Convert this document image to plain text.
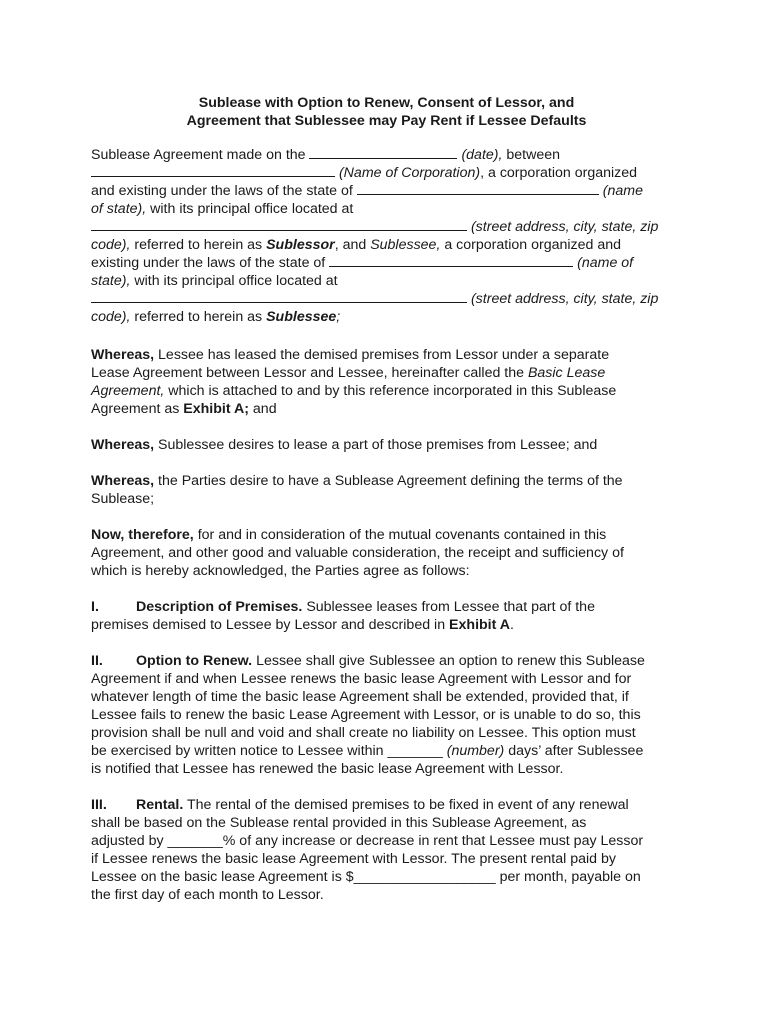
Sublease with Option to Renew, Consent of Lessor, and
Agreement that Sublessee may Pay Rent if Lessee Defaults

Sublease Agreement made on the	(date), between
(Name of Corporation), a corporation organized
and existing under the laws of the state of	(name
of state), with its principal office located at
(street address, city, state, zip
code), referred to herein as Sublessor, and Sublessee, a corporation organized and
existing under the laws of the state of	(name of
state), with its principal office located at
(street address, city, state, zip
code), referred to herein as Sublessee;

Whereas, Lessee has leased the demised premises from Lessor under a separate
Lease Agreement between Lessor and Lessee, hereinafter called the Basic Lease
Agreement, which is attached to and by this reference incorporated in this Sublease
Agreement as Exhibit A; and

Whereas, Sublessee desires to lease a part of those premises from Lessee; and

Whereas, the Parties desire to have a Sublease Agreement defining the terms of the
Sublease;

Now, therefore, for and in consideration of the mutual covenants contained in this
Agreement, and other good and valuable consideration, the receipt and sufficiency of
which is hereby acknowledged, the Parties agree as follows:

I.	Description of Premises. Sublessee leases from Lessee that part of the
premises demised to Lessee by Lessor and described in Exhibit A.

II. Option to Renew. Lessee shall give Sublessee an option to renew this Sublease
Agreement if and when Lessee renews the basic lease Agreement with Lessor and for
whatever length of time the basic lease Agreement shall be extended, provided that, if
Lessee fails to renew the basic Lease Agreement with Lessor, or is unable to do so, this
provision shall be null and void and shall create no liability on Lessee. This option must
be exercised by written notice to Lessee within _______ (number) days’ after Sublessee
is notified that Lessee has renewed the basic lease Agreement with Lessor.

III. Rental. The rental of the demised premises to be fixed in event of any renewal
shall be based on the Sublease rental provided in this Sublease Agreement, as
adjusted by _______% of any increase or decrease in rent that Lessee must pay Lessor
if Lessee renews the basic lease Agreement with Lessor. The present rental paid by
Lessee on the basic lease Agreement is $__________________ per month, payable on
the first day of each month to Lessor.
